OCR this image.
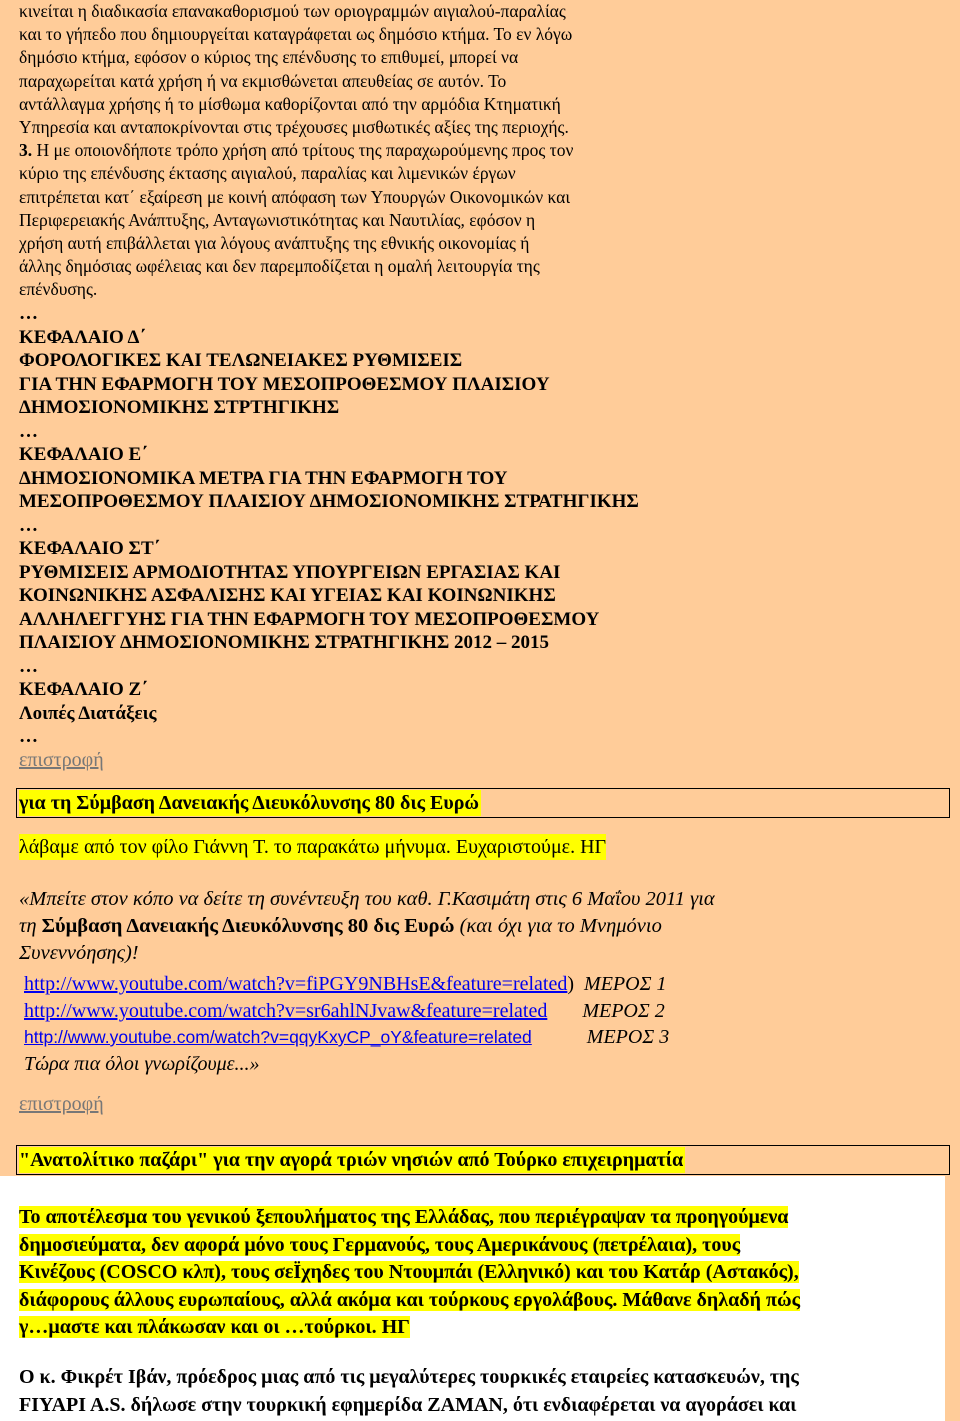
κινείται η διαδικασία επανακαθορισμού των οριογραμμών αιγιαλού-παραλίας
και το γήπεδο που δημιουργείται καταγράφεται ως δημόσιο κτήμα. Το εν λόγω
δημόσιο κτήμα, εφόσον ο κύριος της επένδυσης το επιθυμεί, μπορεί να
παραχωρείται κατά χρήση ή να εκμισθώνεται απευθείας σε αυτόν. Το
αντάλλαγμα χρήσης ή το μίσθωμα καθορίζονται από την αρμόδια Κτηματική
Υπηρεσία και ανταποκρίνονται στις τρέχουσες μισθωτικές αξίες της περιοχής.
3. Η με οποιονδήποτε τρόπο χρήση από τρίτους της παραχωρούμενης προς τον
κύριο της επένδυσης έκτασης αιγιαλού, παραλίας και λιμενικών έργων
επιτρέπεται κατ΄ εξαίρεση με κοινή απόφαση των Υπουργών Οικονομικών και
Περιφερειακής Ανάπτυξης, Ανταγωνιστικότητας και Ναυτιλίας, εφόσον η
χρήση αυτή επιβάλλεται για λόγους ανάπτυξης της εθνικής οικονομίας ή
άλλης δημόσιας ωφέλειας και δεν παρεμποδίζεται η ομαλή λειτουργία της
επένδυσης.
…
ΚΕΦΑΛΑΙΟ Δ΄
ΦΟΡΟΛΟΓΙΚΕΣ ΚΑΙ ΤΕΛΩΝΕΙΑΚΕΣ ΡΥΘΜΙΣΕΙΣ
ΓΙΑ ΤΗΝ ΕΦΑΡΜΟΓΗ ΤΟΥ ΜΕΣΟΠΡΟΘΕΣΜΟΥ ΠΛΑΙΣΙΟΥ
ΔΗΜΟΣΙΟΝΟΜΙΚΗΣ ΣΤΡΤΗΓΙΚΗΣ
…
ΚΕΦΑΛΑΙΟ Ε΄
ΔΗΜΟΣΙΟΝΟΜΙΚΑ ΜΕΤΡΑ ΓΙΑ ΤΗΝ ΕΦΑΡΜΟΓΗ ΤΟΥ
ΜΕΣΟΠΡΟΘΕΣΜΟΥ ΠΛΑΙΣΙΟΥ ΔΗΜΟΣΙΟΝΟΜΙΚΗΣ ΣΤΡΑΤΗΓΙΚΗΣ
…
ΚΕΦΑΛΑΙΟ ΣΤ΄
ΡΥΘΜΙΣΕΙΣ ΑΡΜΟΔΙΟΤΗΤΑΣ ΥΠΟΥΡΓΕΙΩΝ ΕΡΓΑΣΙΑΣ ΚΑΙ
ΚΟΙΝΩΝΙΚΗΣ ΑΣΦΑΛΙΣΗΣ ΚΑΙ ΥΓΕΙΑΣ ΚΑΙ ΚΟΙΝΩΝΙΚΗΣ
ΑΛΛΗΛΕΓΓΥΗΣ ΓΙΑ ΤΗΝ ΕΦΑΡΜΟΓΗ ΤΟΥ ΜΕΣΟΠΡΟΘΕΣΜΟΥ
ΠΛΑΙΣΙΟΥ ΔΗΜΟΣΙΟΝΟΜΙΚΗΣ ΣΤΡΑΤΗΓΙΚΗΣ 2012 – 2015
…
ΚΕΦΑΛΑΙΟ Ζ΄
Λοιπές Διατάξεις
…
επιστροφή
για τη Σύμβαση Δανειακής Διευκόλυνσης 80 δις Ευρώ
λάβαμε από τον φίλο Γιάννη Τ. το παρακάτω μήνυμα. Ευχαριστούμε. ΗΓ
«Μπείτε στον κόπο να δείτε τη συνέντευξη του καθ. Γ.Κασιμάτη στις 6 Μαΐου 2011 για
τη Σύμβαση Δανειακής Διευκόλυνσης 80 δις Ευρώ (και όχι για το Μνημόνιο
Συνεννόησης)!
http://www.youtube.com/watch?v=fiPGY9NBHsE&feature=related) ΜΕΡΟΣ 1
http://www.youtube.com/watch?v=sr6ahlNJvaw&feature=related ΜΕΡΟΣ 2
http://www.youtube.com/watch?v=qqyKxyCP_oY&feature=related	ΜΕΡΟΣ 3
Τώρα πια όλοι γνωρίζουμε...»
επιστροφή
"Ανατολίτικο παζάρι" για την αγορά τριών νησιών από Τούρκο επιχειρηματία
Το αποτέλεσμα του γενικού ξεπουλήματος της Ελλάδας, που περιέγραψαν τα προηγούμενα
δημοσιεύματα, δεν αφορά μόνο τους Γερμανούς, τους Αμερικάνους (πετρέλαια), τους
Κινέζους (COSCO κλπ), τους σεΪχηδες του Ντουμπάι (Ελληνικό) και του Κατάρ (Αστακός),
διάφορους άλλους ευρωπαίους, αλλά ακόμα και τούρκους εργολάβους. Μάθανε δηλαδή πώς
γ…μαστε και πλάκωσαν και οι …τούρκοι. ΗΓ
Ο κ. Φικρέτ Ιβάν, πρόεδρος μιας από τις μεγαλύτερες τουρκικές εταιρείες κατασκευών, της
FIYAPI A.S. δήλωσε στην τουρκική εφημερίδα ZAMAN, ότι ενδιαφέρεται να αγοράσει και
